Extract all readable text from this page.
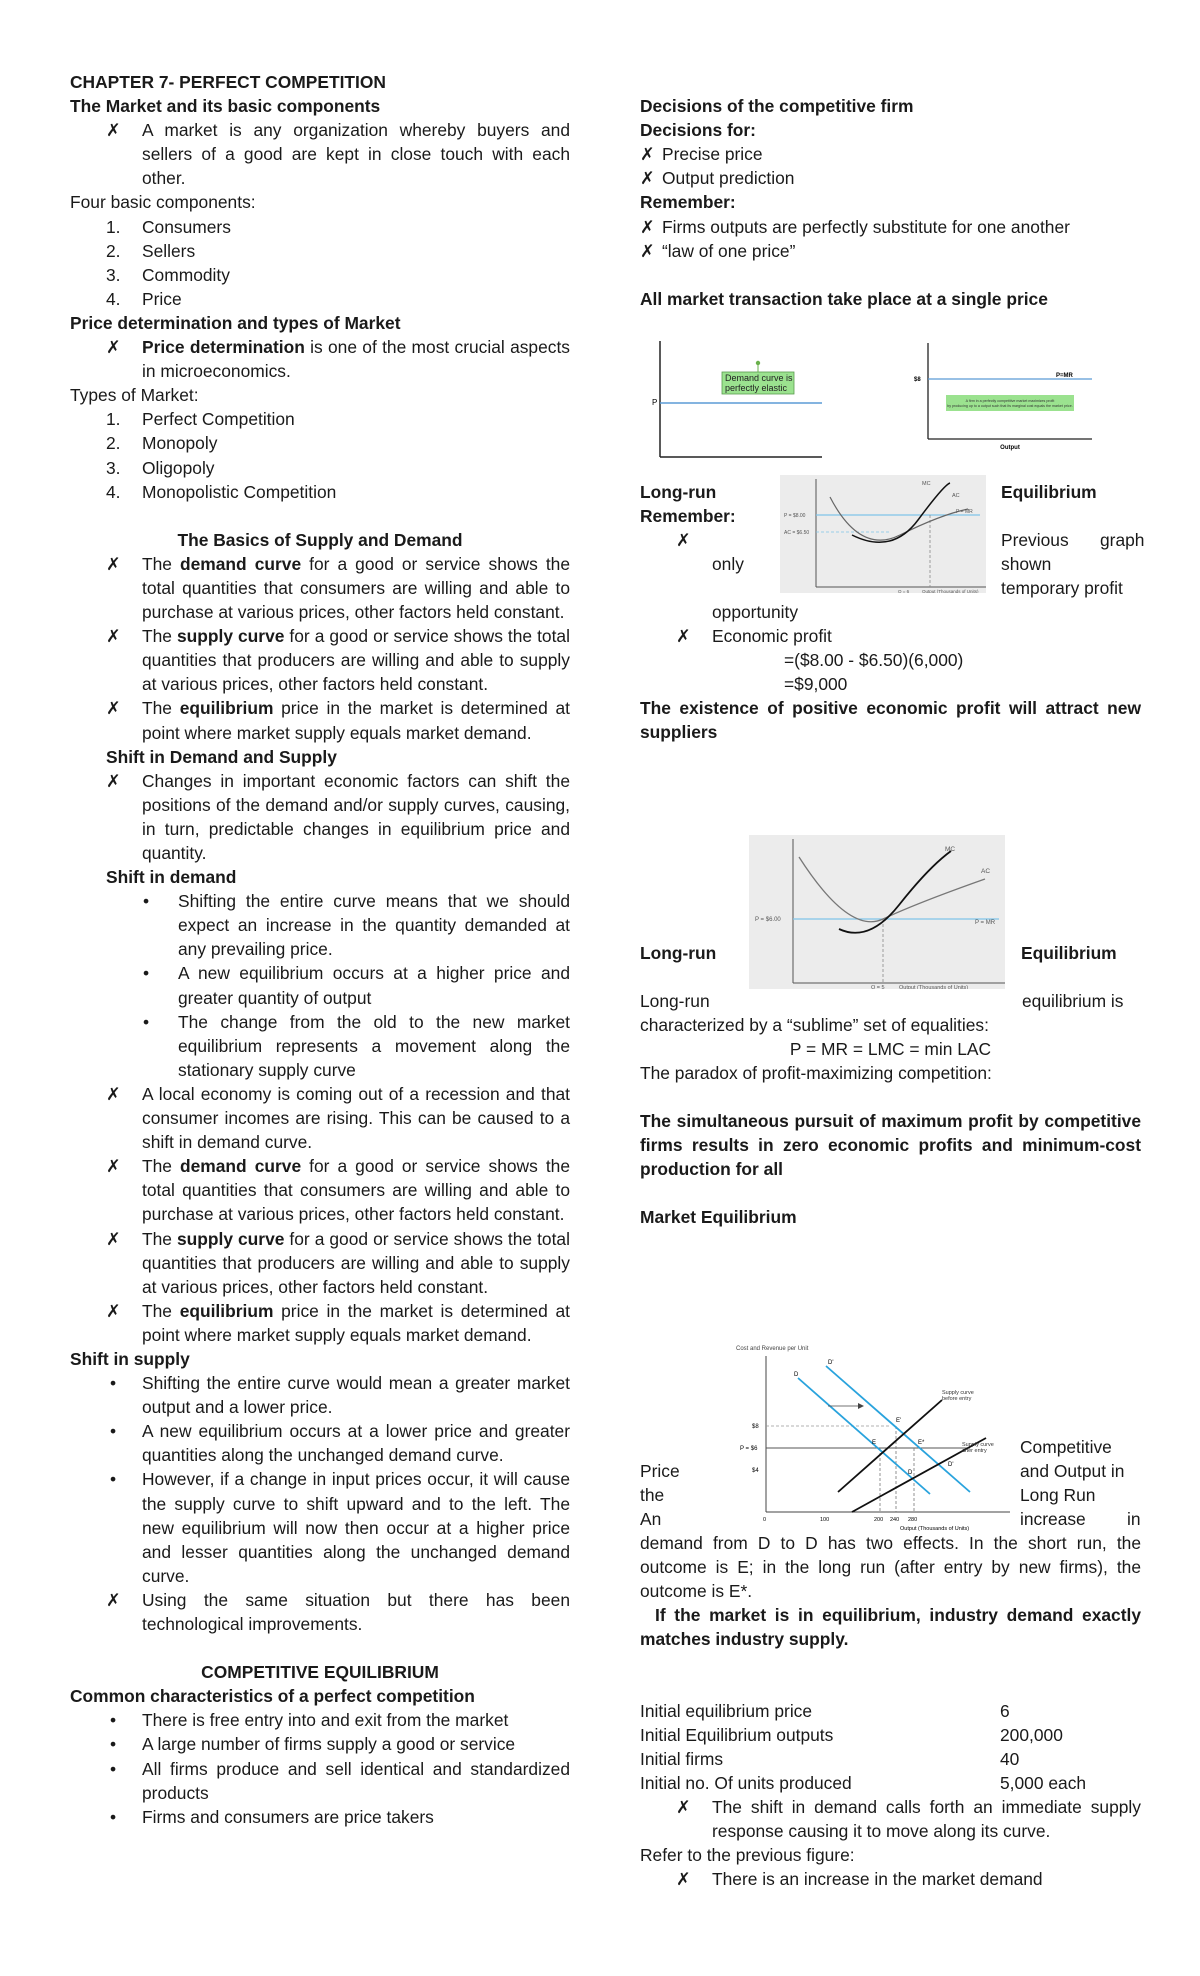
CHAPTER 7- PERFECT COMPETITION
The Market and its basic components
✗	A market is any organization whereby buyers and sellers of a good are kept in close touch with each other.
Four basic components:
1.	Consumers
2.	Sellers
3.	Commodity
4.	Price
Price determination and types of Market
✗	Price determination is one of the most crucial aspects in microeconomics.
Types of Market:
1.	Perfect Competition
2.	Monopoly
3.	Oligopoly
4.	Monopolistic Competition
The Basics of Supply and Demand
✗	The demand curve for a good or service shows the total quantities that consumers are willing and able to purchase at various prices, other factors held constant.
✗	The supply curve for a good or service shows the total quantities that producers are willing and able to supply at various prices, other factors held constant.
✗	The equilibrium price in the market is determined at point where market supply equals market demand.
Shift in Demand and Supply
✗	Changes in important economic factors can shift the positions of the demand and/or supply curves, causing, in turn, predictable changes in equilibrium price and quantity.
Shift in demand
•	Shifting the entire curve means that we should expect an increase in the quantity demanded at any prevailing price.
•	A new equilibrium occurs at a higher price and greater quantity of output
•	The change from the old to the new market equilibrium represents a movement along the stationary supply curve
✗	A local economy is coming out of a recession and that consumer incomes are rising. This can be caused to a shift in demand curve.
✗	The demand curve for a good or service shows the total quantities that consumers are willing and able to purchase at various prices, other factors held constant.
✗	The supply curve for a good or service shows the total quantities that producers are willing and able to supply at various prices, other factors held constant.
✗	The equilibrium price in the market is determined at point where market supply equals market demand.
Shift in supply
•	Shifting the entire curve would mean a greater market output and a lower price.
•	A new equilibrium occurs at a lower price and greater quantities along the unchanged demand curve.
•	However, if a change in input prices occur, it will cause the supply curve to shift upward and to the left. The new equilibrium will now then occur at a higher price and lesser quantities along the unchanged demand curve.
✗	Using the same situation but there has been technological improvements.
COMPETITIVE EQUILIBRIUM
Common characteristics of a perfect competition
•	There is free entry into and exit from the market
•	A large number of firms supply a good or service
•	All firms produce and sell identical and standardized products
•	Firms and consumers are price takers
Decisions of the competitive firm
Decisions for:
✗ Precise price
✗ Output prediction
Remember:
✗ Firms outputs are perfectly substitute for one another
✗ “law of one price”
All market transaction take place at a single price
P
Demand curve is
perfectly elastic
$8
P=MR
A firm in a perfectly competitive market maximizes profit
by producing up to a output such that its marginal cost equals the market price.
Output
Long-run	Equilibrium
Remember:
✗	Previous graph
only	shown
temporary profit
opportunity
✗ Economic profit
=($8.00 - $6.50)(6,000)
=$9,000
The existence of positive economic profit will attract new suppliers
MC
AC
P = $8.00
AC = $6.50
P = MR
Q = 6	Output (Thousands of Units)
MC
AC
P = $6.00	P = MR
Q = 5	Output (Thousands of Units)
Long-run	Equilibrium
Long-run	equilibrium is
characterized by a “sublime” set of equalities:
P = MR = LMC = min LAC
The paradox of profit-maximizing competition:
The simultaneous pursuit of maximum profit by competitive firms results in zero economic profits and minimum-cost production for all
Market Equilibrium
Cost and Revenue per Unit
D
D'
D
D'
E
E'
E*
Supply curve
before entry
Supply curve
after entry
$8
P = $6
$4
0	100	200 240 280
Output (Thousands of Units)
Competitive
Price	and Output in
the	Long Run
An	increase in
demand from D to D has two effects. In the short run, the outcome is E; in the long run (after entry by new firms), the outcome is E*.
If the market is in equilibrium, industry demand exactly matches industry supply.
Initial equilibrium price	6
Initial Equilibrium outputs	200,000
Initial firms	40
Initial no. Of units produced	5,000 each
✗	The shift in demand calls forth an immediate supply response causing it to move along its curve.
Refer to the previous figure:
✗	There is an increase in the market demand
